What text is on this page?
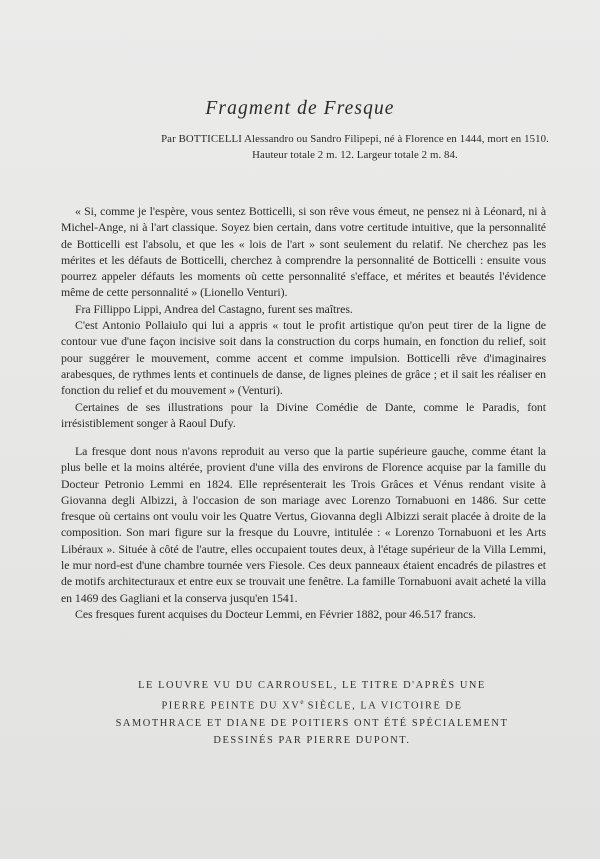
Fragment de Fresque
Par BOTTICELLI Alessandro ou Sandro Filipepi, né à Florence en 1444, mort en 1510.
Hauteur totale 2 m. 12. Largeur totale 2 m. 84.

« Si, comme je l'espère, vous sentez Botticelli, si son rêve vous émeut, ne pensez ni à Léonard, ni à Michel-Ange, ni à l'art classique. Soyez bien certain, dans votre certitude intuitive, que la personnalité de Botticelli est l'absolu, et que les « lois de l'art » sont seulement du relatif. Ne cherchez pas les mérites et les défauts de Botticelli, cherchez à comprendre la personnalité de Botticelli : ensuite vous pourrez appeler défauts les moments où cette personnalité s'efface, et mérites et beautés l'évidence même de cette personnalité » (Lionello Venturi).

Fra Fillippo Lippi, Andrea del Castagno, furent ses maîtres.

C'est Antonio Pollaiulo qui lui a appris « tout le profit artistique qu'on peut tirer de la ligne de contour vue d'une façon incisive soit dans la construction du corps humain, en fonction du relief, soit pour suggérer le mouvement, comme accent et comme impulsion. Botticelli rêve d'imaginaires arabesques, de rythmes lents et continuels de danse, de lignes pleines de grâce ; et il sait les réaliser en fonction du relief et du mouvement » (Venturi).

Certaines de ses illustrations pour la Divine Comédie de Dante, comme le Paradis, font irrésistiblement songer à Raoul Dufy.

La fresque dont nous n'avons reproduit au verso que la partie supérieure gauche, comme étant la plus belle et la moins altérée, provient d'une villa des environs de Florence acquise par la famille du Docteur Petronio Lemmi en 1824. Elle représenterait les Trois Grâces et Vénus rendant visite à Giovanna degli Albizzi, à l'occasion de son mariage avec Lorenzo Tornabuoni en 1486. Sur cette fresque où certains ont voulu voir les Quatre Vertus, Giovanna degli Albizzi serait placée à droite de la composition. Son mari figure sur la fresque du Louvre, intitulée : « Lorenzo Tornabuoni et les Arts Libéraux ». Située à côté de l'autre, elles occupaient toutes deux, à l'étage supérieur de la Villa Lemmi, le mur nord-est d'une chambre tournée vers Fiesole. Ces deux panneaux étaient encadrés de pilastres et de motifs architecturaux et entre eux se trouvait une fenêtre. La famille Tornabuoni avait acheté la villa en 1469 des Gagliani et la conserva jusqu'en 1541.

Ces fresques furent acquises du Docteur Lemmi, en Février 1882, pour 46.517 francs.

LE LOUVRE VU DU CARROUSEL, LE TITRE D'APRÈS UNE
PIERRE PEINTE DU XVe SIÈCLE, LA VICTOIRE DE
SAMOTHRACE ET DIANE DE POITIERS ONT ÉTÉ SPÉCIALEMENT
DESSINÉS PAR PIERRE DUPONT.
